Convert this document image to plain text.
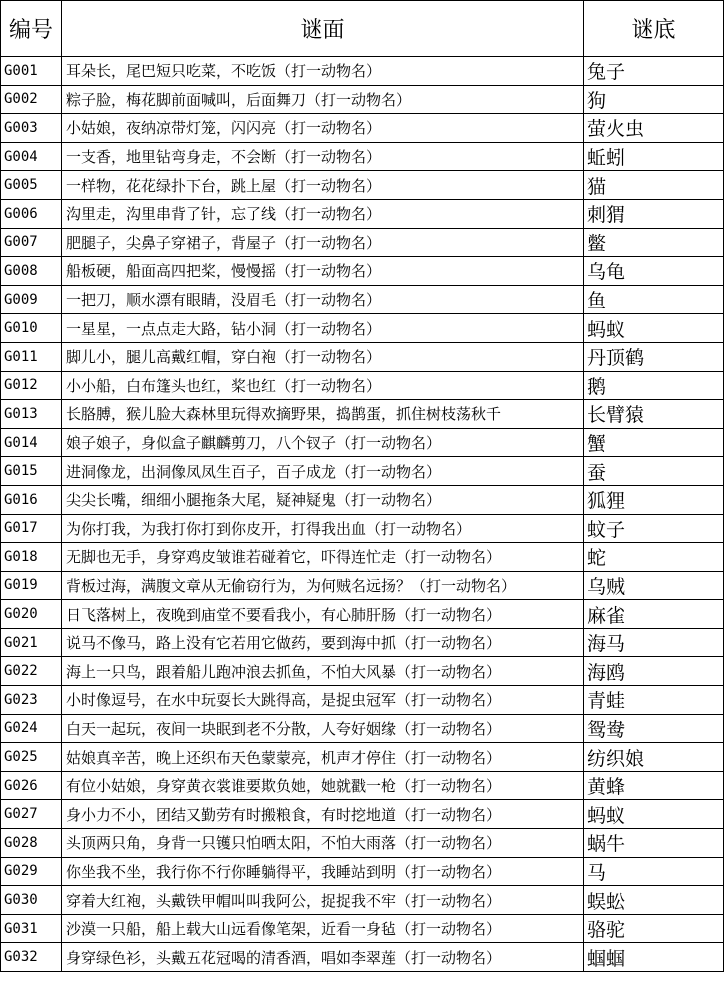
编号	谜面	谜底
G001	耳朵长，尾巴短只吃菜，不吃饭（打一动物名）	兔子
G002	粽子脸，梅花脚前面喊叫，后面舞刀（打一动物名）	狗
G003	小姑娘，夜纳凉带灯笼，闪闪亮（打一动物名）	萤火虫
G004	一支香，地里钻弯身走，不会断（打一动物名）	蚯蚓
G005	一样物，花花绿扑下台，跳上屋（打一动物名）	猫
G006	沟里走，沟里串背了针，忘了线（打一动物名）	刺猬
G007	肥腿子，尖鼻子穿裙子，背屋子（打一动物名）	鳖
G008	船板硬，船面高四把桨，慢慢摇（打一动物名）	乌龟
G009	一把刀，顺水漂有眼睛，没眉毛（打一动物名）	鱼
G010	一星星，一点点走大路，钻小洞（打一动物名）	蚂蚁
G011	脚儿小，腿儿高戴红帽，穿白袍（打一动物名）	丹顶鹤
G012	小小船，白布篷头也红，桨也红（打一动物名）	鹅
G013	长胳膊，猴儿脸大森林里玩得欢摘野果，捣鹊蛋，抓住树枝荡秋千	长臂猿
G014	娘子娘子，身似盒子麒麟剪刀，八个钗子（打一动物名）	蟹
G015	进洞像龙，出洞像凤凤生百子，百子成龙（打一动物名）	蚕
G016	尖尖长嘴，细细小腿拖条大尾，疑神疑鬼（打一动物名）	狐狸
G017	为你打我，为我打你打到你皮开，打得我出血（打一动物名）	蚊子
G018	无脚也无手，身穿鸡皮皱谁若碰着它，吓得连忙走（打一动物名）	蛇
G019	背板过海，满腹文章从无偷窃行为，为何贼名远扬？（打一动物名）	乌贼
G020	日飞落树上，夜晚到庙堂不要看我小，有心肺肝肠（打一动物名）	麻雀
G021	说马不像马，路上没有它若用它做药，要到海中抓（打一动物名）	海马
G022	海上一只鸟，跟着船儿跑冲浪去抓鱼，不怕大风暴（打一动物名）	海鸥
G023	小时像逗号，在水中玩耍长大跳得高，是捉虫冠军（打一动物名）	青蛙
G024	白天一起玩，夜间一块眠到老不分散，人夸好姻缘（打一动物名）	鸳鸯
G025	姑娘真辛苦，晚上还织布天色蒙蒙亮，机声才停住（打一动物名）	纺织娘
G026	有位小姑娘，身穿黄衣裳谁要欺负她，她就戳一枪（打一动物名）	黄蜂
G027	身小力不小，团结又勤劳有时搬粮食，有时挖地道（打一动物名）	蚂蚁
G028	头顶两只角，身背一只镬只怕晒太阳，不怕大雨落（打一动物名）	蜗牛
G029	你坐我不坐，我行你不行你睡躺得平，我睡站到明（打一动物名）	马
G030	穿着大红袍，头戴铁甲帽叫叫我阿公，捉捉我不牢（打一动物名）	蜈蚣
G031	沙漠一只船，船上载大山远看像笔架，近看一身毡（打一动物名）	骆驼
G032	身穿绿色衫，头戴五花冠喝的清香酒，唱如李翠莲（打一动物名）	蝈蝈
